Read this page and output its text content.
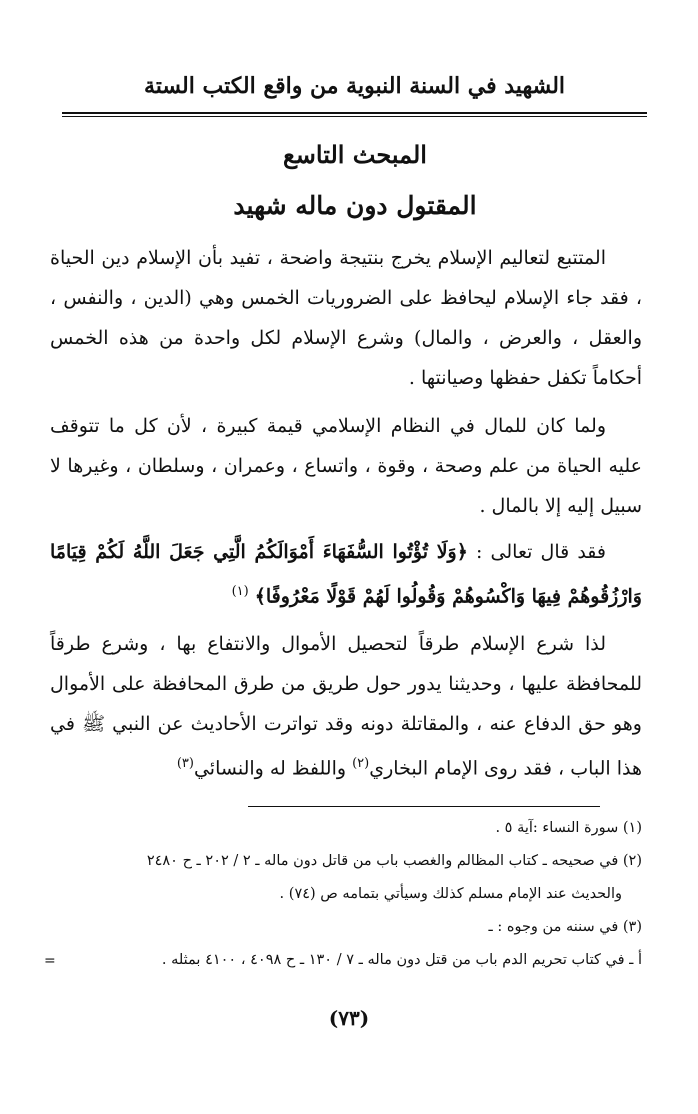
الشهيد في السنة النبوية من واقع الكتب الستة
المبحث التاسع
المقتول دون ماله شهيد
المتتبع لتعاليم الإسلام يخرج بنتيجة واضحة ، تفيد بأن الإسلام دين الحياة ، فقد جاء الإسلام ليحافظ على الضروريات الخمس وهي (الدين ، والنفس ، والعقل ، والعرض ، والمال) وشرع الإسلام لكل واحدة من هذه الخمس أحكاماً تكفل حفظها وصيانتها .
ولما كان للمال في النظام الإسلامي قيمة كبيرة ، لأن كل ما تتوقف عليه الحياة من علم وصحة ، وقوة ، واتساع ، وعمران ، وسلطان ، وغيرها لا سبيل إليه إلا بالمال .
فقد قال تعالى : ﴿وَلَا تُؤْتُوا السُّفَهَاءَ أَمْوَالَكُمُ الَّتِي جَعَلَ اللَّهُ لَكُمْ قِيَامًا وَارْزُقُوهُمْ فِيهَا وَاكْسُوهُمْ وَقُولُوا لَهُمْ قَوْلًا مَعْرُوفًا﴾ $^{(١)}$
لذا شرع الإسلام طرقاً لتحصيل الأموال والانتفاع بها ، وشرع طرقاً للمحافظة عليها ، وحديثنا يدور حول طريق من طرق المحافظة على الأموال وهو حق الدفاع عنه ، والمقاتلة دونه وقد تواترت الأحاديث عن النبي ﷺ في هذا الباب ، فقد روى الإمام البخاري$^{(٢)}$ واللفظ له والنسائي$^{(٣)}$
(١) سورة النساء :آية ٥ .
(٢) في صحيحه ـ كتاب المظالم والغصب باب من قاتل دون ماله ـ ٢ / ٢٠٢ ـ ح ٢٤٨٠
والحديث عند الإمام مسلم كذلك وسيأتي بتمامه ص (٧٤) .
(٣) في سننه من وجوه : ـ
أ ـ في كتاب تحريم الدم باب من قتل دون ماله ـ ٧ / ١٣٠ ـ ح ٤٠٩٨ ، ٤١٠٠ بمثله .
=
(٧٣)
